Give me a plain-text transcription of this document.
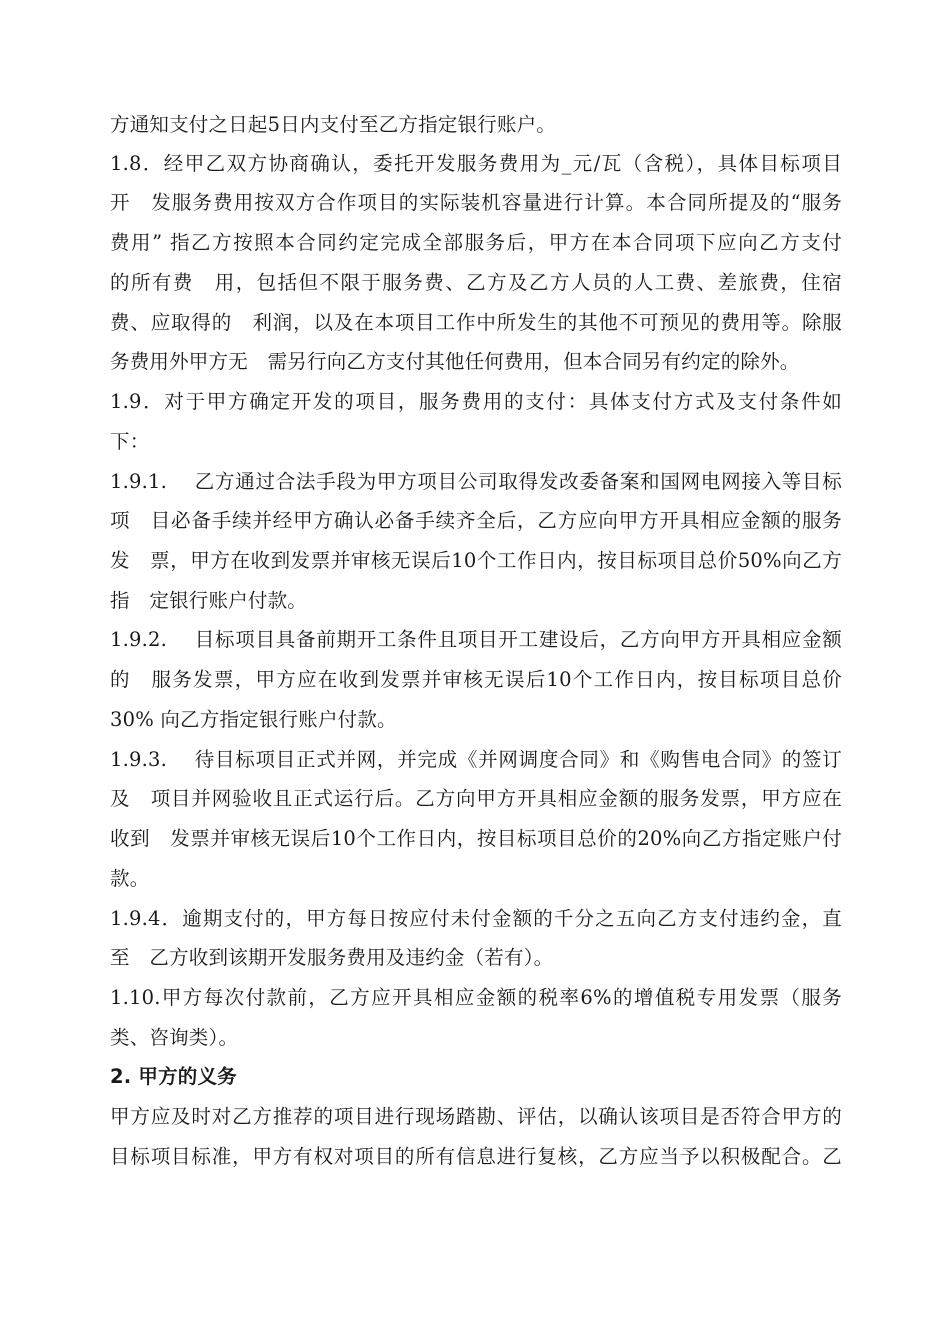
方通知支付之日起5日内支付至乙方指定银行账户。
1.8．经甲乙双方协商确认，委托开发服务费用为_元/瓦（含税），具体目标项目
开　发服务费用按双方合作项目的实际装机容量进行计算。本合同所提及的“服务
费用” 指乙方按照本合同约定完成全部服务后，甲方在本合同项下应向乙方支付
的所有费　用，包括但不限于服务费、乙方及乙方人员的人工费、差旅费，住宿
费、应取得的　利润，以及在本项目工作中所发生的其他不可预见的费用等。除服
务费用外甲方无　需另行向乙方支付其他任何费用，但本合同另有约定的除外。
1.9．对于甲方确定开发的项目，服务费用的支付：具体支付方式及支付条件如
下：
1.9.1.　 乙方通过合法手段为甲方项目公司取得发改委备案和国网电网接入等目标
项　目必备手续并经甲方确认必备手续齐全后，乙方应向甲方开具相应金额的服务
发　票，甲方在收到发票并审核无误后10个工作日内，按目标项目总价50%向乙方
指　定银行账户付款。
1.9.2.　 目标项目具备前期开工条件且项目开工建设后，乙方向甲方开具相应金额
的　服务发票，甲方应在收到发票并审核无误后10个工作日内，按目标项目总价
30% 向乙方指定银行账户付款。
1.9.3.　 待目标项目正式并网，并完成《并网调度合同》和《购售电合同》的签订
及　项目并网验收且正式运行后。乙方向甲方开具相应金额的服务发票，甲方应在
收到　发票并审核无误后10个工作日内，按目标项目总价的20%向乙方指定账户付
款。
1.9.4．逾期支付的，甲方每日按应付未付金额的千分之五向乙方支付违约金，直
至　乙方收到该期开发服务费用及违约金（若有）。
1.10.甲方每次付款前，乙方应开具相应金额的税率6%的增值税专用发票（服务
类、咨询类）。
2. 甲方的义务
甲方应及时对乙方推荐的项目进行现场踏勘、评估，以确认该项目是否符合甲方的
目标项目标准，甲方有权对项目的所有信息进行复核，乙方应当予以积极配合。乙
